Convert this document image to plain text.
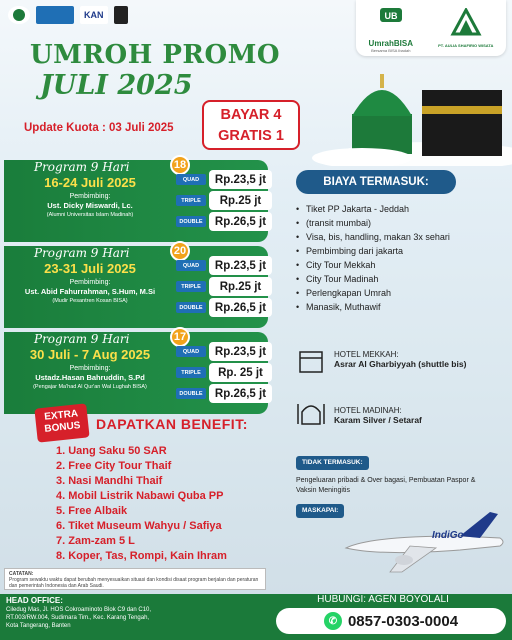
KAN	UB
UmrahBISA
Bersama BISA Ibadah
PT. AULIA SHAFIRIO WISATA
UMROH PROMO
JULI 2025
Update Kuota : 03 Juli 2025
BAYAR 4
GRATIS 1
Program 9 Hari	18
16-24 Juli 2025
Pembimbing:
Ust. Dicky Miswardi, Lc.
(Alumni Universitas Islam Madinah)
QUAD	Rp.23,5 jt
TRIPLE	Rp.25 jt
DOUBLE	Rp.26,5 jt
Program 9 Hari	20
23-31 Juli 2025
Pembimbing:
Ust. Abid Fahurrahman, S.Hum, M.Si
(Mudir Pesantren Kosan BISA)
QUAD	Rp.23,5 jt
TRIPLE	Rp.25 jt
DOUBLE	Rp.26,5 jt
Program 9 Hari	17
30 Juli - 7 Aug 2025
Pembimbing:
Ustadz.Hasan Bahruddin, S.Pd
(Pengajar Ma'had Al Qur'an Wal Lughah BISA)
QUAD	Rp.23,5 jt
TRIPLE	Rp. 25 jt
DOUBLE	Rp.26,5 jt
BIAYA TERMASUK:
• Tiket PP Jakarta - Jeddah
• (transit mumbai)
• Visa, bis, handling, makan 3x sehari
• Pembimbing dari jakarta
• City Tour Mekkah
• City Tour Madinah
• Perlengkapan Umrah
• Manasik, Muthawif
HOTEL MEKKAH:
Asrar Al Gharbiyyah (shuttle bis)
HOTEL MADINAH:
Karam Silver / Setaraf
TIDAK TERMASUK:
Pengeluaran pribadi & Over bagasi, Pembuatan Paspor & Vaksin Meningitis
MASKAPAI:
IndiGo
EXTRA
BONUS	DAPATKAN BENEFIT:
1. Uang Saku 50 SAR
2. Free City Tour Thaif
3. Nasi Mandhi Thaif
4. Mobil Listrik Nabawi Quba PP
5. Free Albaik
6. Tiket Museum Wahyu / Safiya
7. Zam-zam 5 L
8. Koper, Tas, Rompi, Kain Ihram
CATATAN:
Program sewaktu waktu dapat berubah menyesuaikan situasi dan kondisi disaat program berjalan dan peraturan dan pemerintah Indonesia dan Arab Saudi.
HEAD OFFICE:
Ciledug Mas, Jl. HOS Cokroaminoto Blok C9 dan C10,
RT.003/RW.004, Sudimara Tim., Kec. Karang Tengah,
Kota Tangerang, Banten
HUBUNGI: AGEN BOYOLALI
✆ 0857-0303-0004
